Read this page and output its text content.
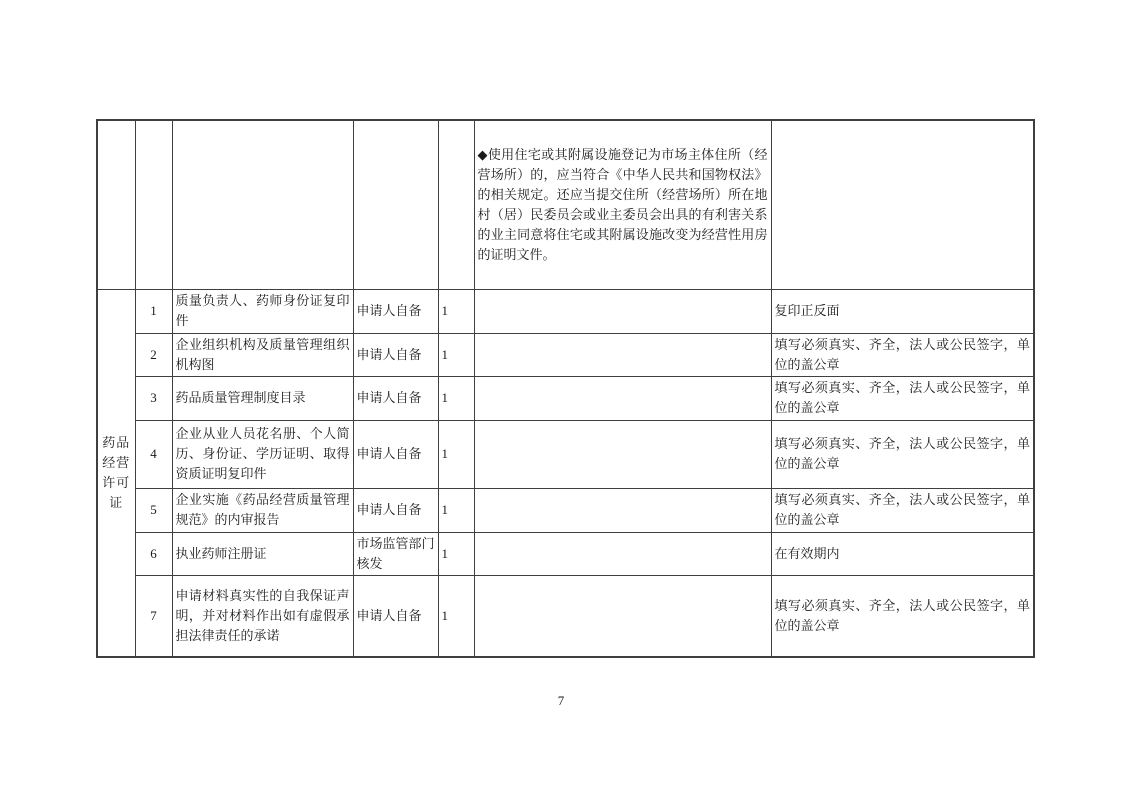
					◆使用住宅或其附属设施登记为市场主体住所（经营场所）的，应当符合《中华人民共和国物权法》的相关规定。还应当提交住所（经营场所）所在地村（居）民委员会或业主委员会出具的有利害关系的业主同意将住宅或其附属设施改变为经营性用房的证明文件。	
药品经营许可证	1	质量负责人、药师身份证复印件	申请人自备	1		复印正反面
	2	企业组织机构及质量管理组织机构图	申请人自备	1		填写必须真实、齐全，法人或公民签字，单位的盖公章
	3	药品质量管理制度目录	申请人自备	1		填写必须真实、齐全，法人或公民签字，单位的盖公章
	4	企业从业人员花名册、个人简历、身份证、学历证明、取得资质证明复印件	申请人自备	1		填写必须真实、齐全，法人或公民签字，单位的盖公章
	5	企业实施《药品经营质量管理规范》的内审报告	申请人自备	1		填写必须真实、齐全，法人或公民签字，单位的盖公章
	6	执业药师注册证	市场监管部门核发	1		在有效期内
	7	申请材料真实性的自我保证声明，并对材料作出如有虚假承担法律责任的承诺	申请人自备	1		填写必须真实、齐全，法人或公民签字，单位的盖公章
7
